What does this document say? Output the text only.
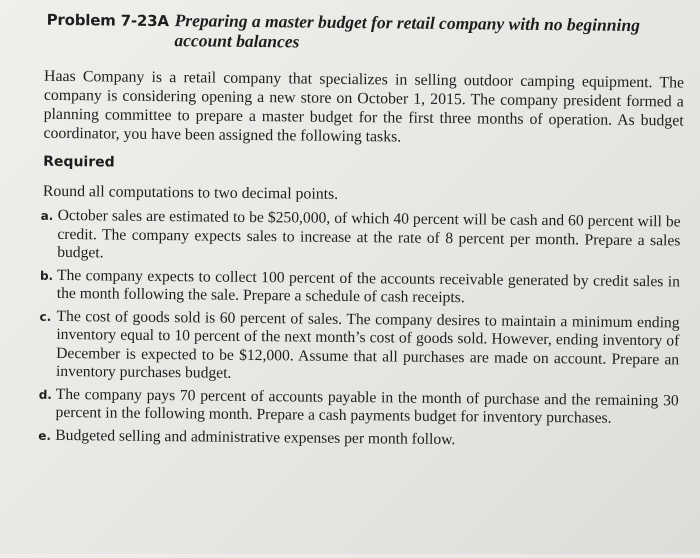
Problem 7-23A Preparing a master budget for retail company with no beginning account balances

Haas Company is a retail company that specializes in selling outdoor camping equipment. The company is considering opening a new store on October 1, 2015. The company president formed a planning committee to prepare a master budget for the first three months of operation. As budget coordinator, you have been assigned the following tasks.

Required
Round all computations to two decimal points.
a. October sales are estimated to be $250,000, of which 40 percent will be cash and 60 percent will be credit. The company expects sales to increase at the rate of 8 percent per month. Prepare a sales budget.
b. The company expects to collect 100 percent of the accounts receivable generated by credit sales in the month following the sale. Prepare a schedule of cash receipts.
c. The cost of goods sold is 60 percent of sales. The company desires to maintain a minimum ending inventory equal to 10 percent of the next month’s cost of goods sold. However, ending inventory of December is expected to be $12,000. Assume that all purchases are made on account. Prepare an inventory purchases budget.
d. The company pays 70 percent of accounts payable in the month of purchase and the remaining 30 percent in the following month. Prepare a cash payments budget for inventory purchases.
e. Budgeted selling and administrative expenses per month follow.
